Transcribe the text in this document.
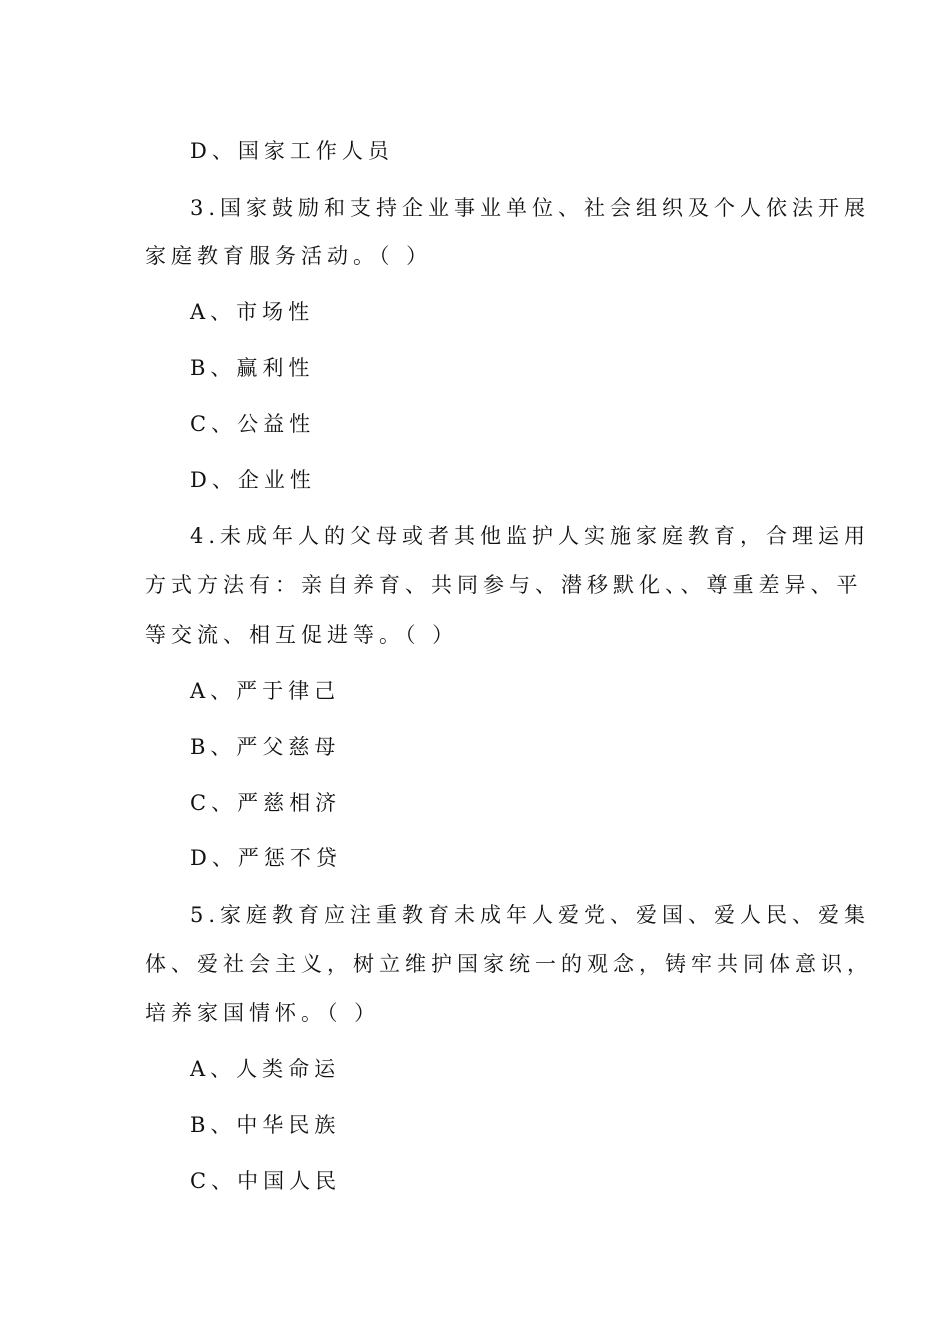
D、国家工作人员
3.国家鼓励和支持企业事业单位、社会组织及个人依法开展
家庭教育服务活动。（ ）
A、市场性
B、赢利性
C、公益性
D、企业性
4.未成年人的父母或者其他监护人实施家庭教育，合理运用
方式方法有：亲自养育、共同参与、潜移默化、、尊重差异、平
等交流、相互促进等。（ ）
A、严于律己
B、严父慈母
C、严慈相济
D、严惩不贷
5.家庭教育应注重教育未成年人爱党、爱国、爱人民、爱集
体、爱社会主义，树立维护国家统一的观念，铸牢共同体意识，
培养家国情怀。（ ）
A、人类命运
B、中华民族
C、中国人民
